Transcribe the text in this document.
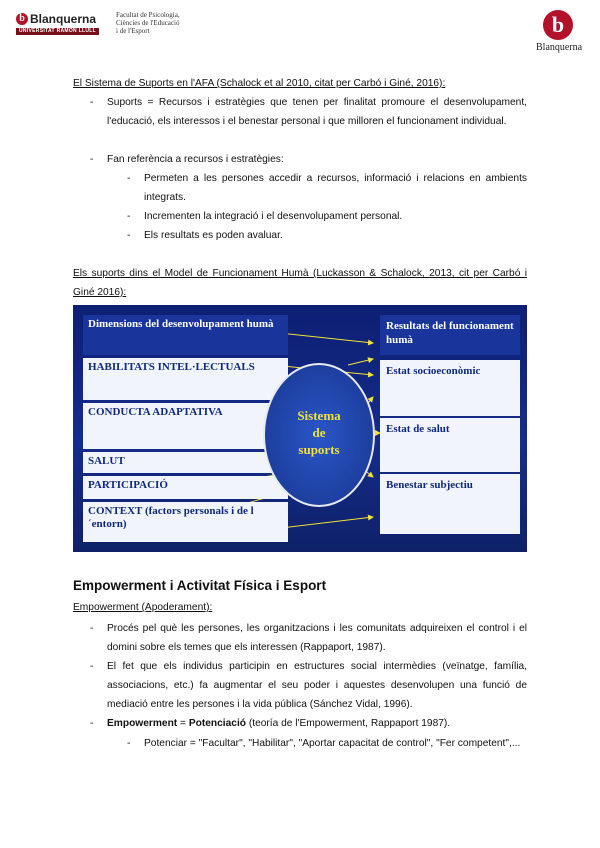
b Blanquerna
UNIVERSITAT RAMON LLULL
Facultat de Psicologia,
Ciències de l'Educació
i de l'Esport	b
Blanquerna
El Sistema de Suports en l'AFA (Schalock et al 2010, citat per Carbó i Giné, 2016):
- Suports = Recursos i estratègies que tenen per finalitat promoure el desenvolupament, l'educació, els interessos i el benestar personal i que milloren el funcionament individual.
- Fan referència a recursos i estratègies:
- Permeten a les persones accedir a recursos, informació i relacions en ambients integrats.
- Incrementen la integració i el desenvolupament personal.
- Els resultats es poden avaluar.
Els suports dins el Model de Funcionament Humà (Luckasson & Schalock, 2013, cit per Carbó i Giné 2016):
Dimensions del desenvolupament humà
HABILITATS INTEL·LECTUALS
CONDUCTA ADAPTATIVA
SALUT
PARTICIPACIÓ
CONTEXT (factors personals i de l´entorn)
Sistema
de
suports
Resultats del funcionament humà
Estat socioeconòmic
Estat de salut
Benestar subjectiu
Empowerment i Activitat Física i Esport
Empowerment (Apoderament):
- Procés pel què les persones, les organitzacions i les comunitats adquireixen el control i el domini sobre els temes que els interessen (Rappaport, 1987).
- El fet que els individus participin en estructures social intermèdies (veïnatge, família, associacions, etc.) fa augmentar el seu poder i aquestes desenvolupen una funció de mediació entre les persones i la vida pública (Sánchez Vidal, 1996).
- Empowerment = Potenciació (teoría de l'Empowerment, Rappaport 1987).
- Potenciar = "Facultar", "Habilitar", "Aportar capacitat de control", "Fer competent",...
